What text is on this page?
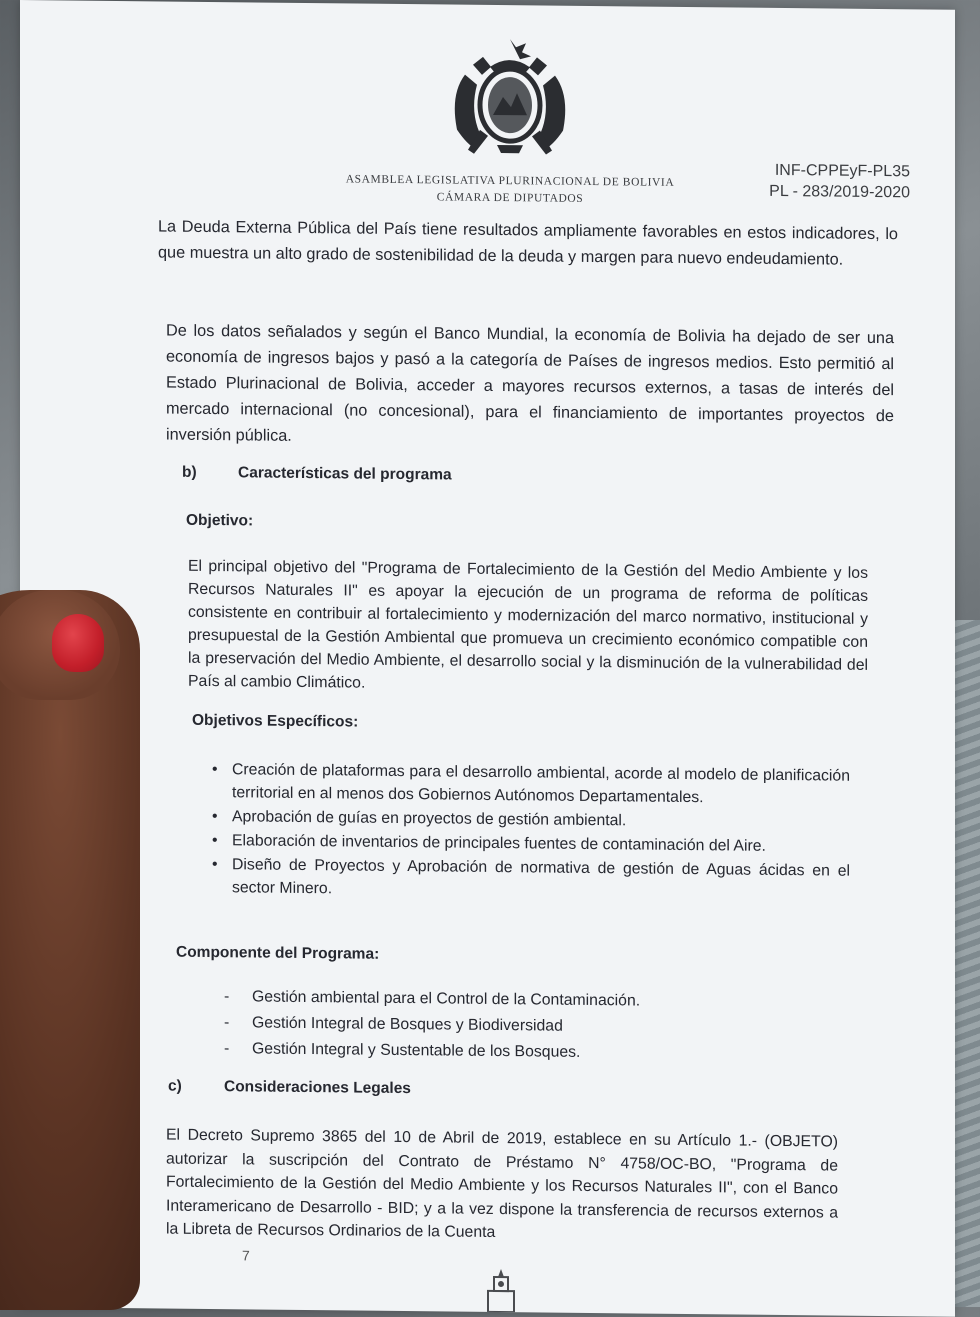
ASAMBLEA LEGISLATIVA PLURINACIONAL DE BOLIVIA
CÁMARA DE DIPUTADOS
INF-CPPEyF-PL35
PL - 283/2019-2020

La Deuda Externa Pública del País tiene resultados ampliamente favorables en estos indicadores, lo que muestra un alto grado de sostenibilidad de la deuda y margen para nuevo endeudamiento.

De los datos señalados y según el Banco Mundial, la economía de Bolivia ha dejado de ser una economía de ingresos bajos y pasó a la categoría de Países de ingresos medios. Esto permitió al Estado Plurinacional de Bolivia, acceder a mayores recursos externos, a tasas de interés del mercado internacional (no concesional), para el financiamiento de importantes proyectos de inversión pública.

b)	Características del programa
Objetivo:

El principal objetivo del "Programa de Fortalecimiento de la Gestión del Medio Ambiente y los Recursos Naturales II" es apoyar la ejecución de un programa de reforma de políticas consistente en contribuir al fortalecimiento y modernización del marco normativo, institucional y presupuestal de la Gestión Ambiental que promueva un crecimiento económico compatible con la preservación del Medio Ambiente, el desarrollo social y la disminución de la vulnerabilidad del País al cambio Climático.

Objetivos Específicos:
• Creación de plataformas para el desarrollo ambiental, acorde al modelo de planificación territorial en al menos dos Gobiernos Autónomos Departamentales.
• Aprobación de guías en proyectos de gestión ambiental.
• Elaboración de inventarios de principales fuentes de contaminación del Aire.
• Diseño de Proyectos y Aprobación de normativa de gestión de Aguas ácidas en el sector Minero.
Componente del Programa:
- Gestión ambiental para el Control de la Contaminación.
- Gestión Integral de Bosques y Biodiversidad
- Gestión Integral y Sustentable de los Bosques.
c)	Consideraciones Legales

El Decreto Supremo 3865 del 10 de Abril de 2019, establece en su Artículo 1.- (OBJETO) autorizar la suscripción del Contrato de Préstamo N° 4758/OC-BO, "Programa de Fortalecimiento de la Gestión del Medio Ambiente y los Recursos Naturales II", con el Banco Interamericano de Desarrollo - BID; y a la vez dispone la transferencia de recursos externos a la Libreta de Recursos Ordinarios de la Cuenta

7
